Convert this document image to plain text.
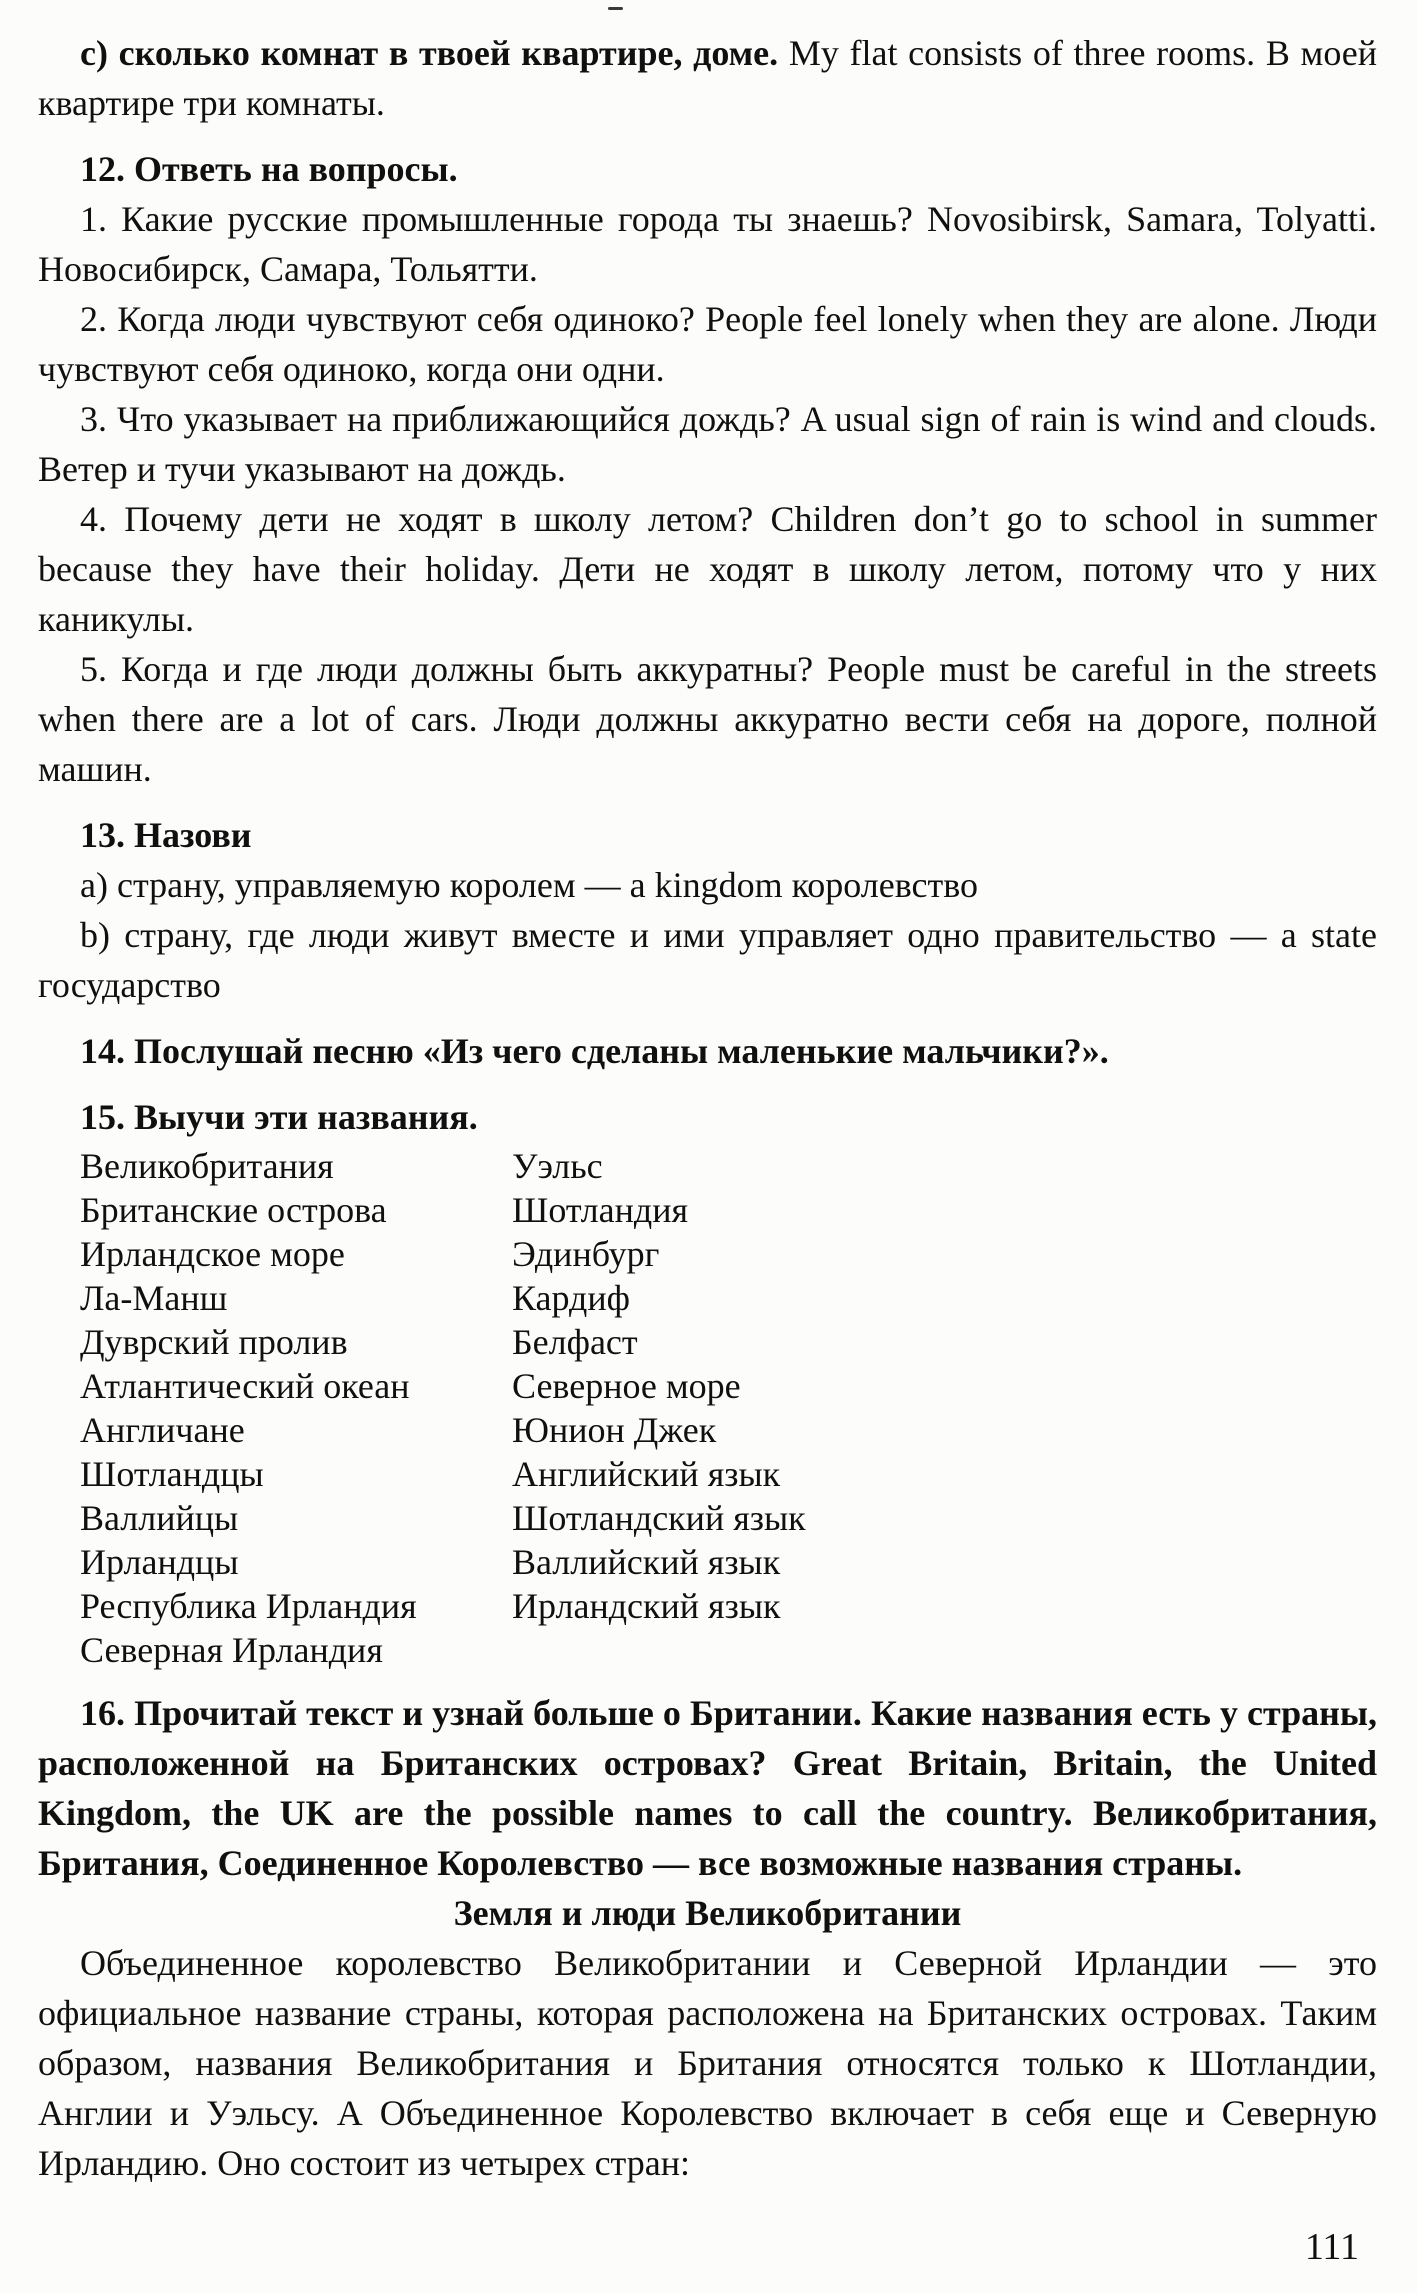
с) сколько комнат в твоей квартире, доме. My flat consists of three rooms. В моей квартире три комнаты.

12. Ответь на вопросы.

1. Какие русские промышленные города ты знаешь? Novosibirsk, Samara, Tolyatti. Новосибирск, Самара, Тольятти.

2. Когда люди чувствуют себя одиноко? People feel lonely when they are alone. Люди чувствуют себя одиноко, когда они одни.

3. Что указывает на приближающийся дождь? A usual sign of rain is wind and clouds. Ветер и тучи указывают на дождь.

4. Почему дети не ходят в школу летом? Children don’t go to school in summer because they have their holiday. Дети не ходят в школу летом, потому что у них каникулы.

5. Когда и где люди должны быть аккуратны? People must be careful in the streets when there are a lot of cars. Люди должны аккуратно вести себя на дороге, полной машин.

13. Назови

а) страну, управляемую королем — a kingdom королевство

b) страну, где люди живут вместе и ими управляет одно правительство — a state государство

14. Послушай песню «Из чего сделаны маленькие мальчики?».

15. Выучи эти названия.

Великобритания	Уэльс
Британские острова	Шотландия
Ирландское море	Эдинбург
Ла-Манш	Кардиф
Дуврский пролив	Белфаст
Атлантический океан	Северное море
Англичане	Юнион Джек
Шотландцы	Английский язык
Валлийцы	Шотландский язык
Ирландцы	Валлийский язык
Республика Ирландия	Ирландский язык
Северная Ирландия

16. Прочитай текст и узнай больше о Британии. Какие названия есть у страны, расположенной на Британских островах? Great Britain, Britain, the United Kingdom, the UK are the possible names to call the country. Великобритания, Британия, Соединенное Королевство — все возможные названия страны.

Земля и люди Великобритании

Объединенное королевство Великобритании и Северной Ирландии — это официальное название страны, которая расположена на Британских островах. Таким образом, названия Великобритания и Британия относятся только к Шотландии, Англии и Уэльсу. А Объединенное Королевство включает в себя еще и Северную Ирландию. Оно состоит из четырех стран:

111
